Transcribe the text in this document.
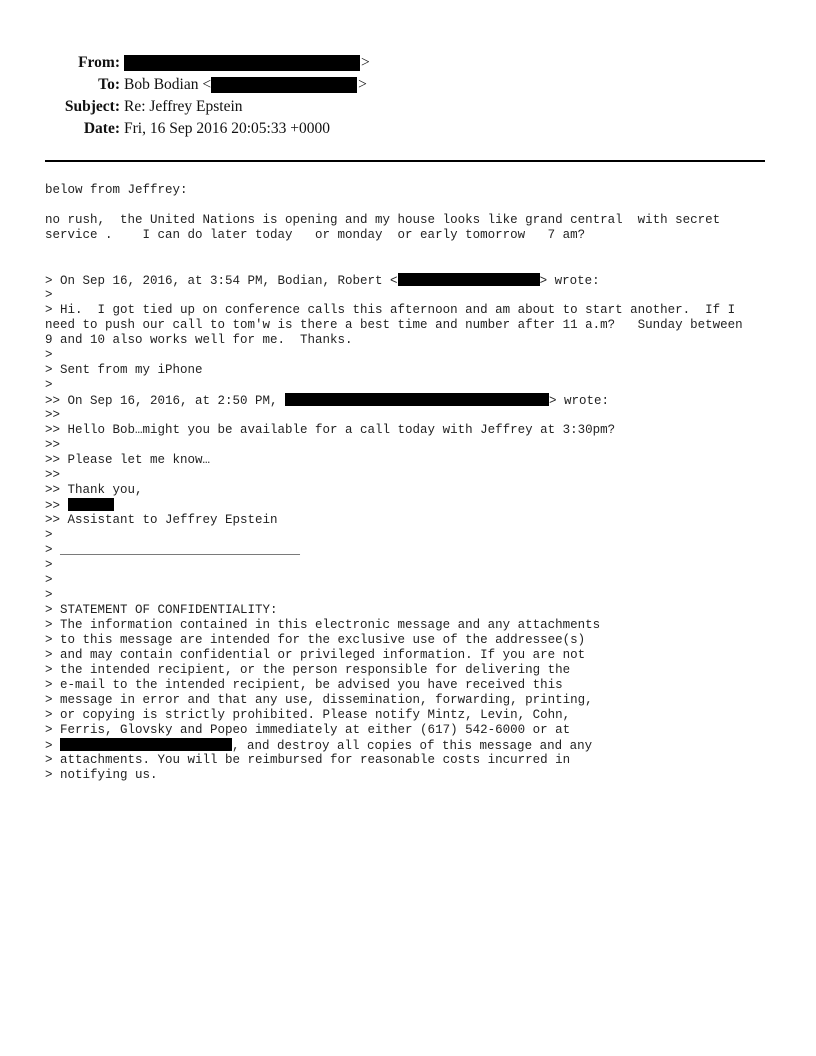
From:	>
To: Bob Bodian <	>
Subject: Re: Jeffrey Epstein
Date: Fri, 16 Sep 2016 20:05:33 +0000
below from Jeffrey:
no rush,  the United Nations is opening and my house looks like grand central  with secret
service .    I can do later today   or monday  or early tomorrow   7 am?
> On Sep 16, 2016, at 3:54 PM, Bodian, Robert <	> wrote:
>
> Hi.  I got tied up on conference calls this afternoon and am about to start another.  If I
need to push our call to tom'w is there a best time and number after 11 a.m?   Sunday between
9 and 10 also works well for me.  Thanks.
>
> Sent from my iPhone
>
>> On Sep 16, 2016, at 2:50 PM,	> wrote:
>>
>> Hello Bob…might you be available for a call today with Jeffrey at 3:30pm?
>>
>> Please let me know…
>>
>> Thank you,
>>
>> Assistant to Jeffrey Epstein
>
> ________________________________
>
>
>
> STATEMENT OF CONFIDENTIALITY:
> The information contained in this electronic message and any attachments
> to this message are intended for the exclusive use of the addressee(s)
> and may contain confidential or privileged information. If you are not
> the intended recipient, or the person responsible for delivering the
> e-mail to the intended recipient, be advised you have received this
> message in error and that any use, dissemination, forwarding, printing,
> or copying is strictly prohibited. Please notify Mintz, Levin, Cohn,
> Ferris, Glovsky and Popeo immediately at either (617) 542-6000 or at
>	, and destroy all copies of this message and any
> attachments. You will be reimbursed for reasonable costs incurred in
> notifying us.
